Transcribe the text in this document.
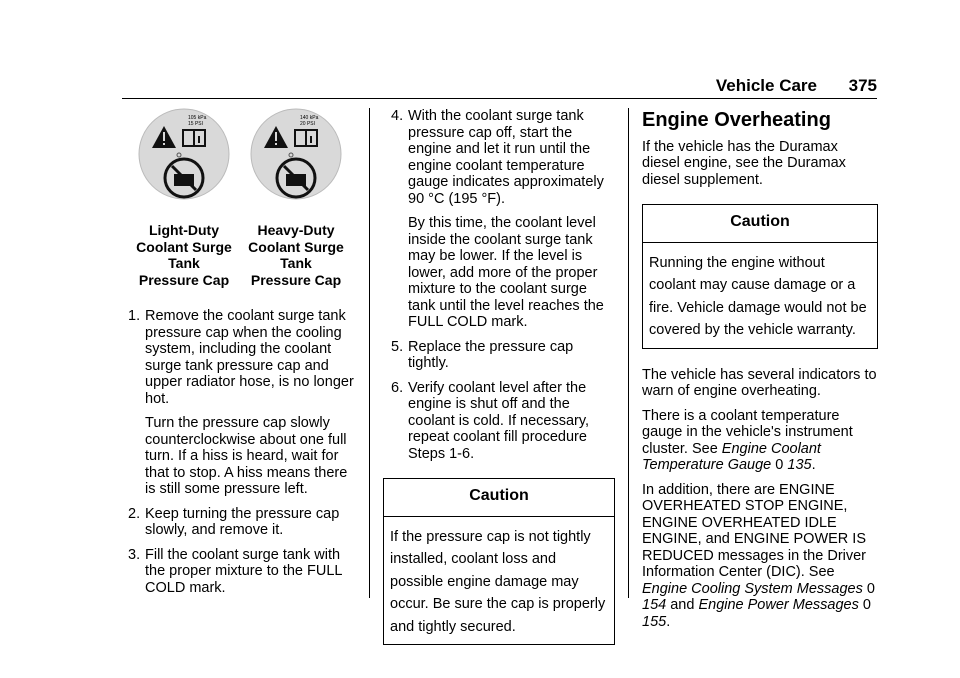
Vehicle Care 375
105 kPa
15 PSI
Light-Duty
Coolant Surge
Tank
Pressure Cap
140 kPa
20 PSI
Heavy-Duty
Coolant Surge
Tank
Pressure Cap
1. Remove the coolant surge tank pressure cap when the cooling system, including the coolant surge tank pressure cap and upper radiator hose, is no longer hot.
Turn the pressure cap slowly counterclockwise about one full turn. If a hiss is heard, wait for that to stop. A hiss means there is still some pressure left.
2. Keep turning the pressure cap slowly, and remove it.
3. Fill the coolant surge tank with the proper mixture to the FULL COLD mark.
4. With the coolant surge tank pressure cap off, start the engine and let it run until the engine coolant temperature gauge indicates approximately 90 °C (195 °F).
By this time, the coolant level inside the coolant surge tank may be lower. If the level is lower, add more of the proper mixture to the coolant surge tank until the level reaches the FULL COLD mark.
5. Replace the pressure cap tightly.
6. Verify coolant level after the engine is shut off and the coolant is cold. If necessary, repeat coolant fill procedure Steps 1-6.
Caution
If the pressure cap is not tightly installed, coolant loss and possible engine damage may occur. Be sure the cap is properly and tightly secured.
Engine Overheating
If the vehicle has the Duramax diesel engine, see the Duramax diesel supplement.
Caution
Running the engine without coolant may cause damage or a fire. Vehicle damage would not be covered by the vehicle warranty.
The vehicle has several indicators to warn of engine overheating.
There is a coolant temperature gauge in the vehicle's instrument cluster. See Engine Coolant Temperature Gauge 0 135.
In addition, there are ENGINE OVERHEATED STOP ENGINE, ENGINE OVERHEATED IDLE ENGINE, and ENGINE POWER IS REDUCED messages in the Driver Information Center (DIC). See Engine Cooling System Messages 0 154 and Engine Power Messages 0 155.
